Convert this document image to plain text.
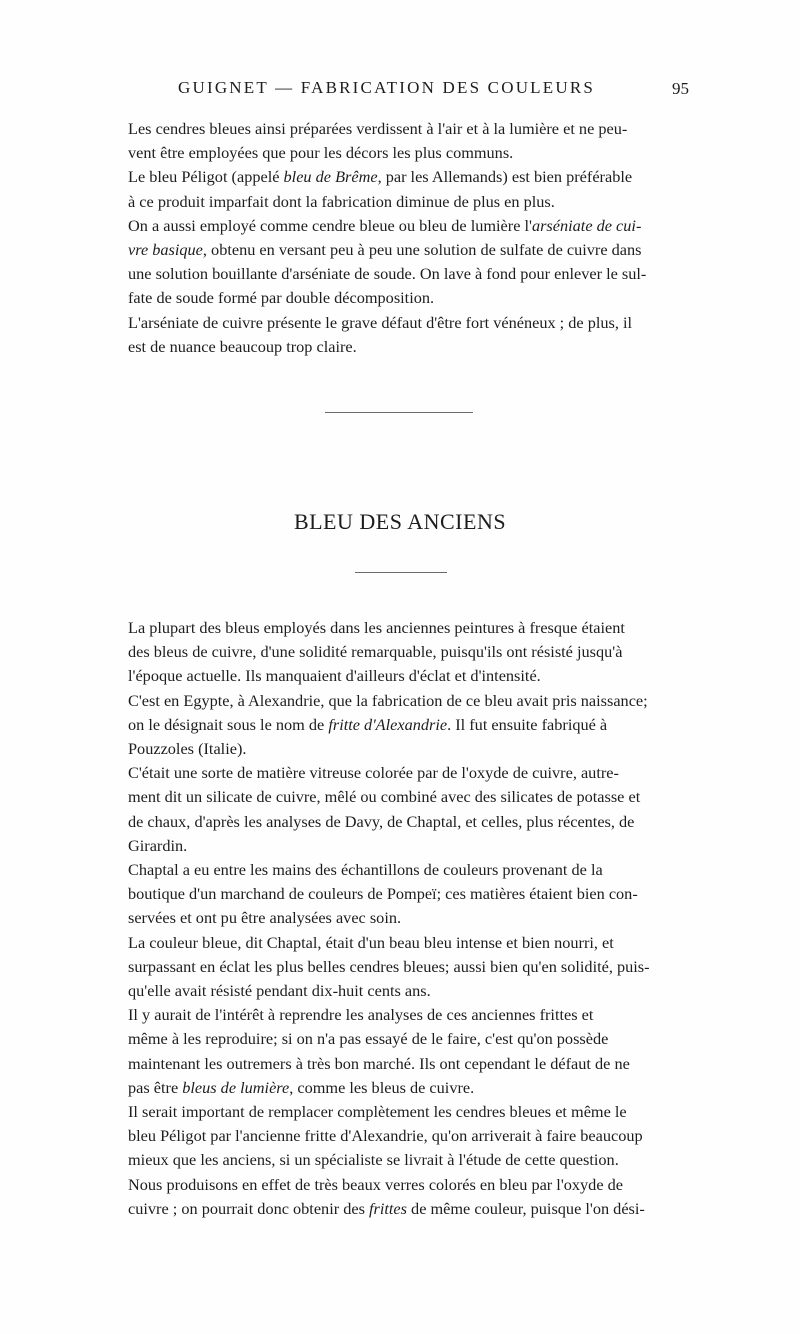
GUIGNET — FABRICATION DES COULEURS	95

Les cendres bleues ainsi préparées verdissent à l'air et à la lumière et ne peu-
vent être employées que pour les décors les plus communs.

Le bleu Péligot (appelé bleu de Brême, par les Allemands) est bien préférable
à ce produit imparfait dont la fabrication diminue de plus en plus.

On a aussi employé comme cendre bleue ou bleu de lumière l'arséniate de cui-
vre basique, obtenu en versant peu à peu une solution de sulfate de cuivre dans
une solution bouillante d'arséniate de soude. On lave à fond pour enlever le sul-
fate de soude formé par double décomposition.

L'arséniate de cuivre présente le grave défaut d'être fort vénéneux ; de plus, il
est de nuance beaucoup trop claire.

BLEU DES ANCIENS

La plupart des bleus employés dans les anciennes peintures à fresque étaient
des bleus de cuivre, d'une solidité remarquable, puisqu'ils ont résisté jusqu'à
l'époque actuelle. Ils manquaient d'ailleurs d'éclat et d'intensité.

C'est en Egypte, à Alexandrie, que la fabrication de ce bleu avait pris naissance;
on le désignait sous le nom de fritte d'Alexandrie. Il fut ensuite fabriqué à
Pouzzoles (Italie).

C'était une sorte de matière vitreuse colorée par de l'oxyde de cuivre, autre-
ment dit un silicate de cuivre, mêlé ou combiné avec des silicates de potasse et
de chaux, d'après les analyses de Davy, de Chaptal, et celles, plus récentes, de
Girardin.

Chaptal a eu entre les mains des échantillons de couleurs provenant de la
boutique d'un marchand de couleurs de Pompeï; ces matières étaient bien con-
servées et ont pu être analysées avec soin.

La couleur bleue, dit Chaptal, était d'un beau bleu intense et bien nourri, et
surpassant en éclat les plus belles cendres bleues; aussi bien qu'en solidité, puis-
qu'elle avait résisté pendant dix-huit cents ans.

Il y aurait de l'intérêt à reprendre les analyses de ces anciennes frittes et
même à les reproduire; si on n'a pas essayé de le faire, c'est qu'on possède
maintenant les outremers à très bon marché. Ils ont cependant le défaut de ne
pas être bleus de lumière, comme les bleus de cuivre.

Il serait important de remplacer complètement les cendres bleues et même le
bleu Péligot par l'ancienne fritte d'Alexandrie, qu'on arriverait à faire beaucoup
mieux que les anciens, si un spécialiste se livrait à l'étude de cette question.

Nous produisons en effet de très beaux verres colorés en bleu par l'oxyde de
cuivre ; on pourrait donc obtenir des frittes de même couleur, puisque l'on dési-
